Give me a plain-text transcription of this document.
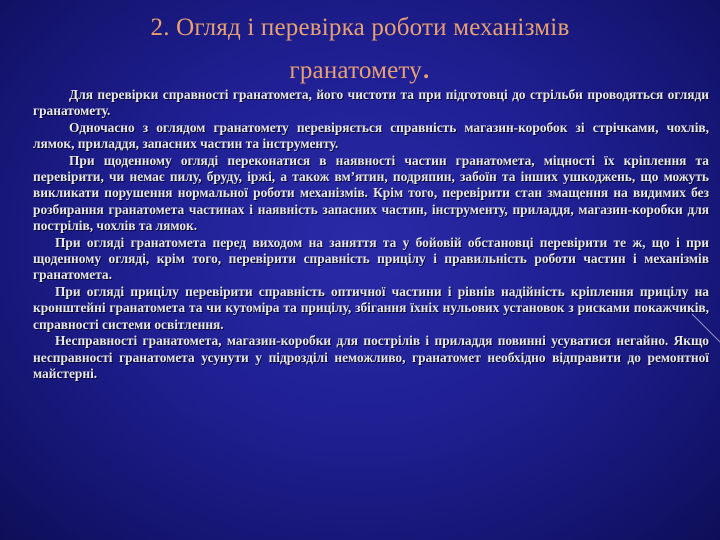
2. Огляд і перевірка роботи механізмів
гранатомету.

Для перевірки справності гранатомета, його чистоти та при підготовці до стрільби проводяться огляди гранатомету.

Одночасно з оглядом гранатомету перевіряється справність магазин-коробок зі стрічками, чохлів, лямок, приладдя, запасних частин та інструменту.

При щоденному огляді переконатися в наявності частин гранатомета, міцності їх кріплення та перевірити, чи немає пилу, бруду, іржі, а також вм’ятин, подряпин, забоїн та інших ушкоджень, що можуть викликати порушення нормальної роботи механізмів. Крім того, перевірити стан змащення на видимих без розбирання гранатомета частинах і наявність запасних частин, інструменту, приладдя, магазин-коробки для пострілів, чохлів та лямок.

При огляді гранатомета перед виходом на заняття та у бойовій обстановці перевірити те ж, що і при щоденному огляді, крім того, перевірити справність прицілу і правильність роботи частин і механізмів гранатомета.

При огляді прицілу перевірити справність оптичної частини і рівнів надійність кріплення прицілу на кронштейні гранатомета та чи кутоміра та прицілу, збігання їхніх нульових установок з рисками покажчиків, справності системи освітлення.

Несправності гранатомета, магазин-коробки для пострілів і приладдя повинні усуватися негайно. Якщо несправності гранатомета усунути у підрозділі неможливо, гранатомет необхідно відправити до ремонтної майстерні.
